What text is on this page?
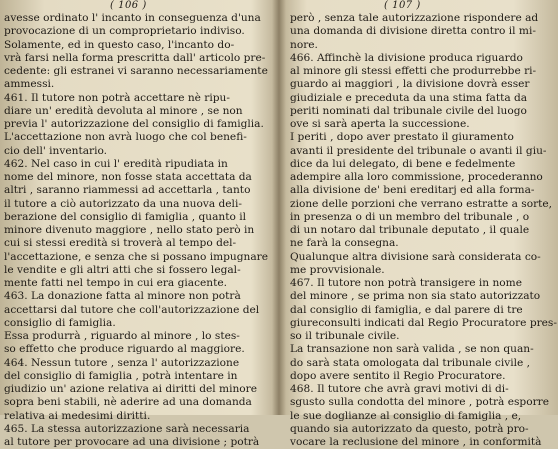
( 106 )
avesse ordinato l' incanto in conseguenza d'una
provocazione di un comproprietario indiviso.
Solamente, ed in questo caso, l'incanto do-
vrà farsi nella forma prescritta dall' articolo pre-
cedente: gli estranei vi saranno necessariamente
ammessi.
461. Il tutore non potrà accettare nè ripu-
diare un' eredità devoluta al minore , se non
previa l' autorizzazione del consiglio di famiglia.
L'accettazione non avrà luogo che col benefi-
cio dell' inventario.
462. Nel caso in cui l' eredità ripudiata in
nome del minore, non fosse stata accettata da
altri , saranno riammessi ad accettarla , tanto
il tutore a ciò autorizzato da una nuova deli-
berazione del consiglio di famiglia , quanto il
minore divenuto maggiore , nello stato però in
cui si stessi eredità si troverà al tempo del-
l'accettazione, e senza che si possano impugnare
le vendite e gli altri atti che si fossero legal-
mente fatti nel tempo in cui era giacente.
463. La donazione fatta al minore non potrà
accettarsi dal tutore che coll'autorizzazione del
consiglio di famiglia.
Essa produrrà , riguardo al minore , lo stes-
so effetto che produce riguardo al maggiore.
464. Nessun tutore , senza l' autorizzazione
del consiglio di famiglia , potrà intentare in
giudizio un' azione relativa ai diritti del minore
sopra beni stabili, nè aderire ad una domanda
relativa ai medesimi diritti.
465. La stessa autorizzazione sarà necessaria
al tutore per provocare ad una divisione ; potrà
( 107 )
però , senza tale autorizzazione rispondere ad
una domanda di divisione diretta contro il mi-
nore.
466. Affinchè la divisione produca riguardo
al minore gli stessi effetti che produrrebbe ri-
guardo ai maggiori , la divisione dovrà esser
giudiziale e preceduta da una stima fatta da
periti nominati dal tribunale civile del luogo
ove si sarà aperta la successione.
I periti , dopo aver prestato il giuramento
avanti il presidente del tribunale o avanti il giu-
dice da lui delegato, di bene e fedelmente
adempire alla loro commissione, procederanno
alla divisione de' beni ereditarj ed alla forma-
zione delle porzioni che verrano estratte a sorte,
in presenza o di un membro del tribunale , o
di un notaro dal tribunale deputato , il quale
ne farà la consegna.
Qualunque altra divisione sarà considerata co-
me provvisionale.
467. Il tutore non potrà transigere in nome
del minore , se prima non sia stato autorizzato
dal consiglio di famiglia, e dal parere di tre
giureconsulti indicati dal Regio Procuratore pres-
so il tribunale civile.
La transazione non sarà valida , se non quan-
do sarà stata omologata dal tribunale civile ,
dopo avere sentito il Regio Procuratore.
468. Il tutore che avrà gravi motivi di di-
sgusto sulla condotta del minore , potrà esporre
le sue doglianze al consiglio di famiglia , e,
quando sia autorizzato da questo, potrà pro-
vocare la reclusione del minore , in conformità
